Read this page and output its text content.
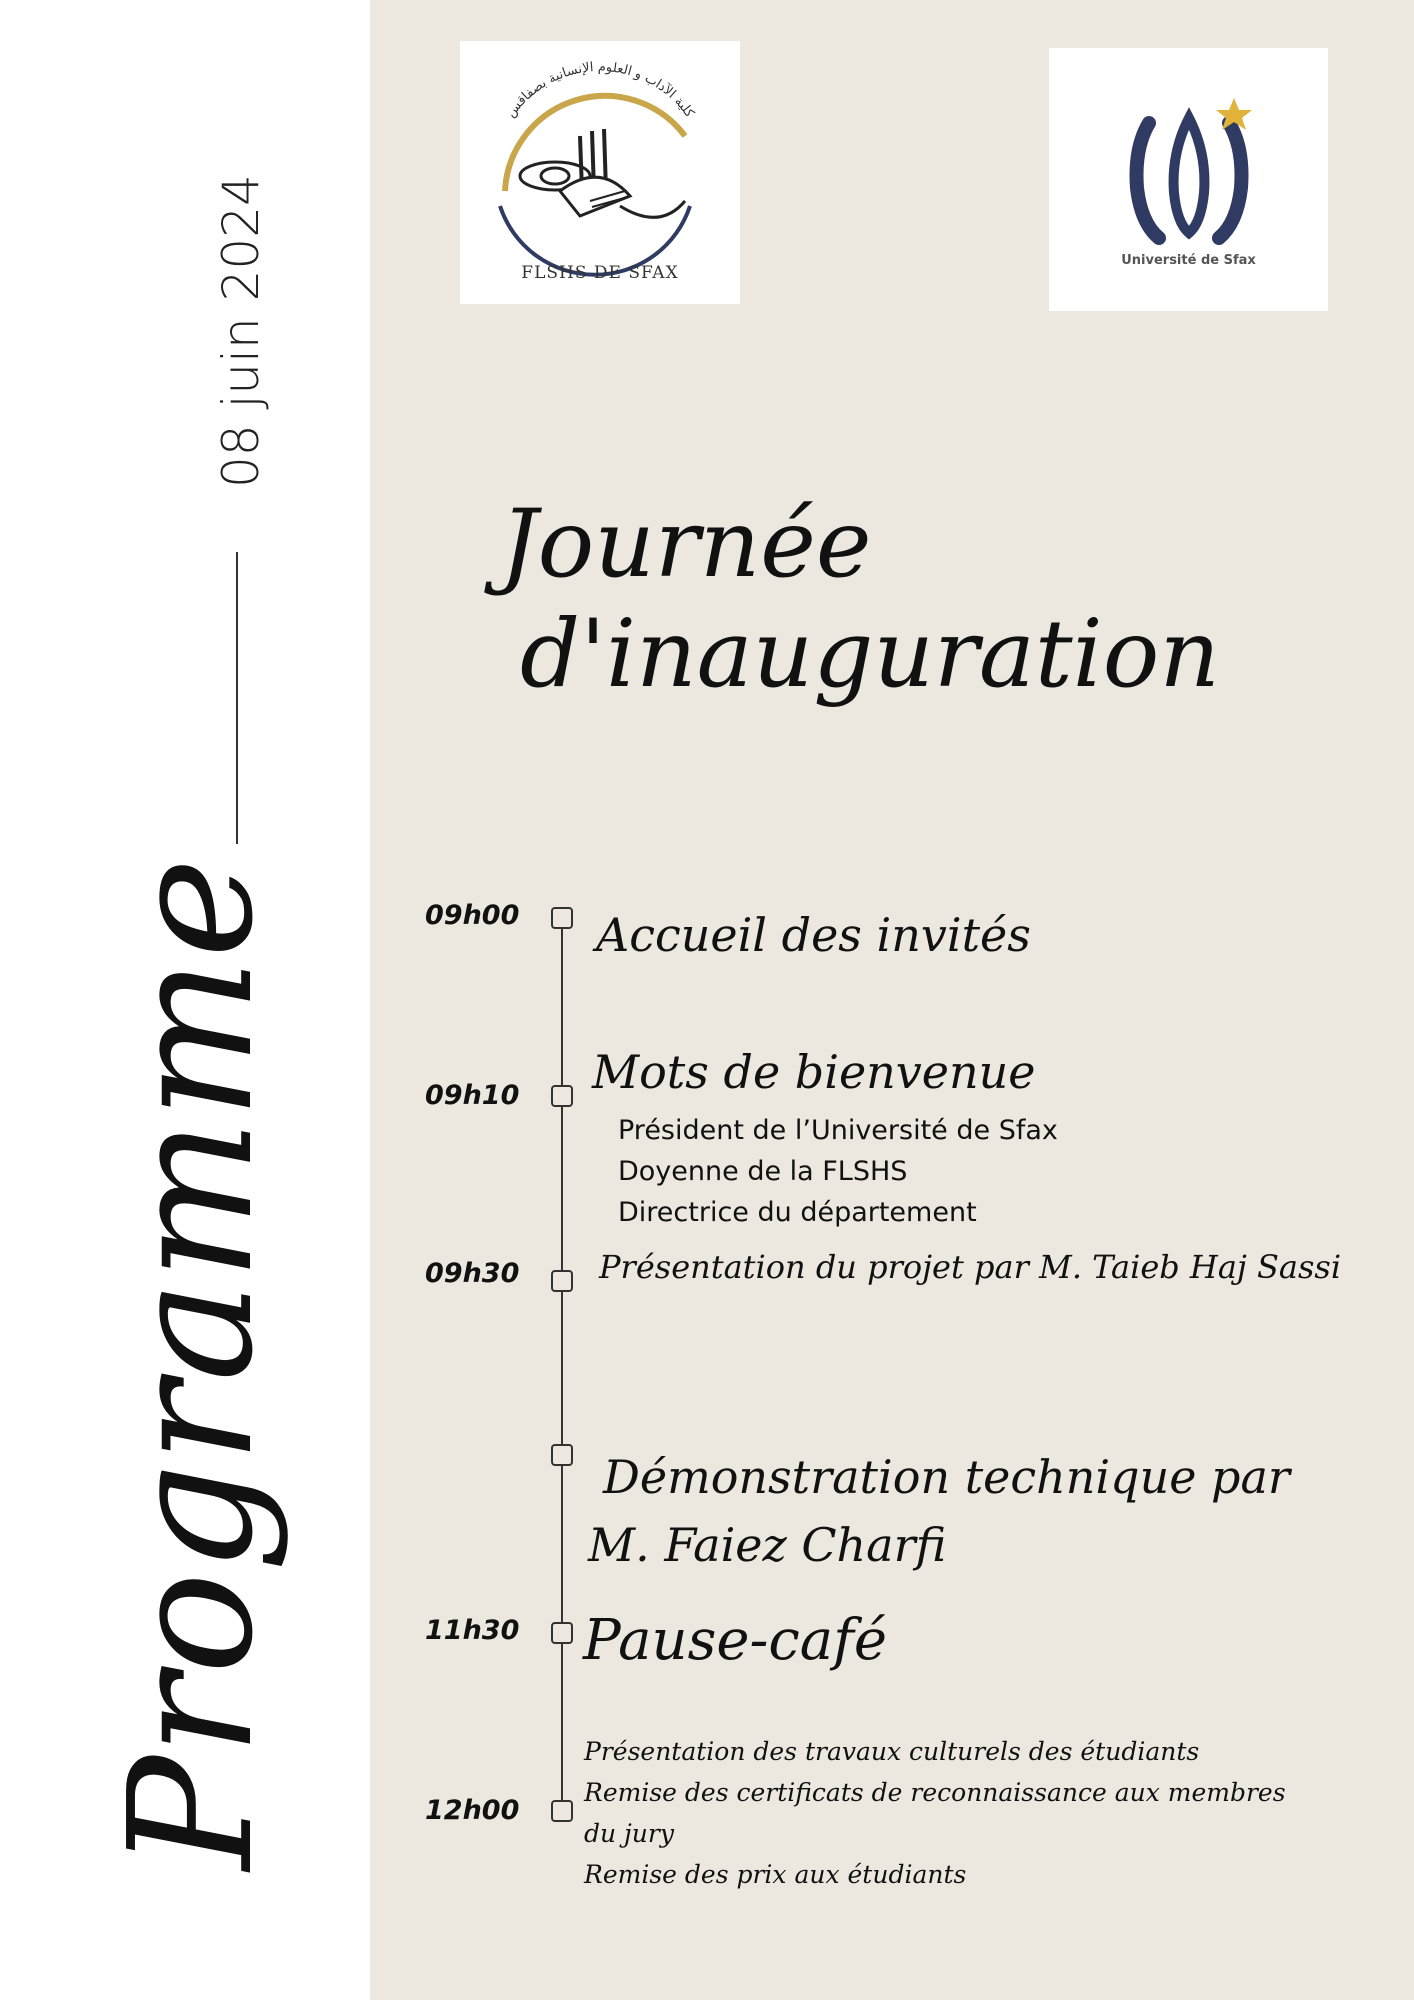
08 juin 2024
Programme
كلية الآداب و العلوم الإنسانية بصفاقس
FLSHS DE SFAX
Université de Sfax
Journée
d'inauguration
09h00 Accueil des invités
09h10 Mots de bienvenue
Président de l’Université de Sfax
Doyenne de la FLSHS
Directrice du département
09h30 Présentation du projet par M. Taieb Haj Sassi
Démonstration technique par
M. Faiez Charfi
11h30 Pause-café
12h00
Présentation des travaux culturels des étudiants
Remise des certificats de reconnaissance aux membres
du jury
Remise des prix aux étudiants
